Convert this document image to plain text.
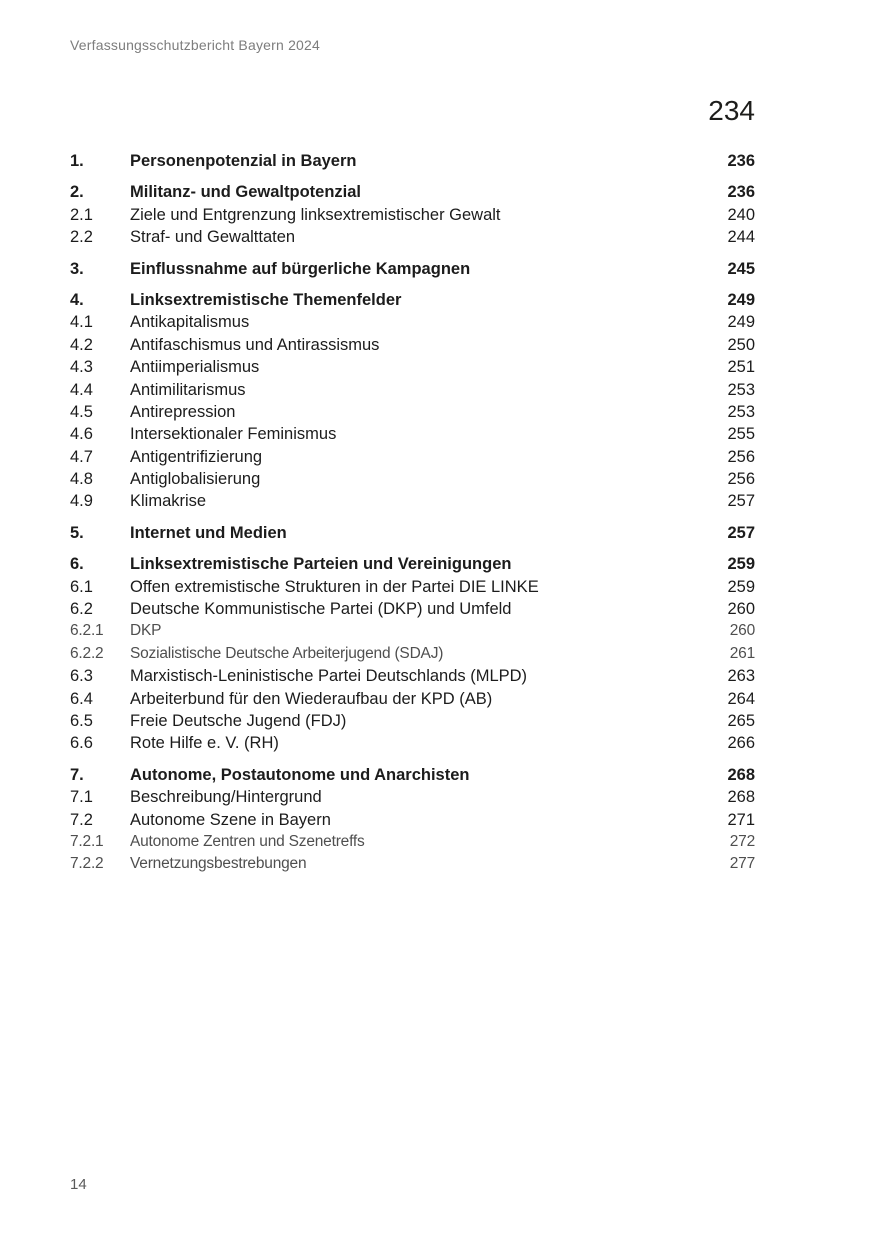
Verfassungsschutzbericht Bayern 2024
Linksextremismus	234
1.	Personenpotenzial in Bayern	236
2.	Militanz- und Gewaltpotenzial	236
2.1	Ziele und Entgrenzung linksextremistischer Gewalt	240
2.2	Straf- und Gewalttaten	244
3.	Einflussnahme auf bürgerliche Kampagnen	245
4.	Linksextremistische Themenfelder	249
4.1	Antikapitalismus	249
4.2	Antifaschismus und Antirassismus	250
4.3	Antiimperialismus	251
4.4	Antimilitarismus	253
4.5	Antirepression	253
4.6	Intersektionaler Feminismus	255
4.7	Antigentrifizierung	256
4.8	Antiglobalisierung	256
4.9	Klimakrise	257
5.	Internet und Medien	257
6.	Linksextremistische Parteien und Vereinigungen	259
6.1	Offen extremistische Strukturen in der Partei DIE LINKE	259
6.2	Deutsche Kommunistische Partei (DKP) und Umfeld	260
6.2.1	DKP	260
6.2.2	Sozialistische Deutsche Arbeiterjugend (SDAJ)	261
6.3	Marxistisch-Leninistische Partei Deutschlands (MLPD)	263
6.4	Arbeiterbund für den Wiederaufbau der KPD (AB)	264
6.5	Freie Deutsche Jugend (FDJ)	265
6.6	Rote Hilfe e. V. (RH)	266
7.	Autonome, Postautonome und Anarchisten	268
7.1	Beschreibung/Hintergrund	268
7.2	Autonome Szene in Bayern	271
7.2.1	Autonome Zentren und Szenetreffs	272
7.2.2	Vernetzungsbestrebungen	277
14
